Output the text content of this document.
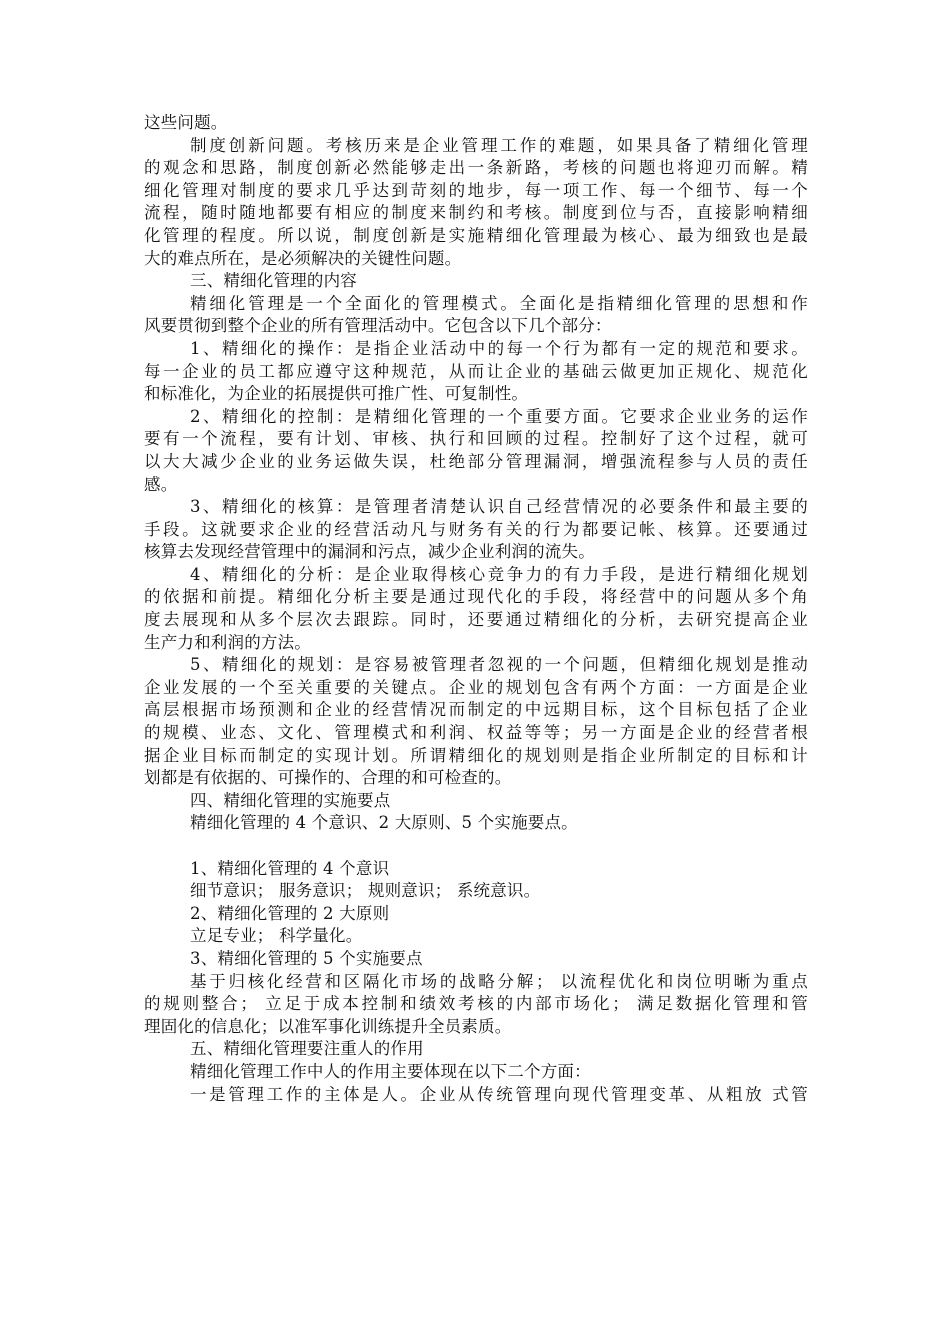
这些问题。
制度创新问题。考核历来是企业管理工作的难题，如果具备了精细化管理
的观念和思路，制度创新必然能够走出一条新路，考核的问题也将迎刃而解。精
细化管理对制度的要求几乎达到苛刻的地步，每一项工作、每一个细节、每一个
流程，随时随地都要有相应的制度来制约和考核。制度到位与否，直接影响精细
化管理的程度。所以说，制度创新是实施精细化管理最为核心、最为细致也是最
大的难点所在，是必须解决的关键性问题。
三、精细化管理的内容
精细化管理是一个全面化的管理模式。全面化是指精细化管理的思想和作
风要贯彻到整个企业的所有管理活动中。它包含以下几个部分：
1、精细化的操作：是指企业活动中的每一个行为都有一定的规范和要求。
每一企业的员工都应遵守这种规范，从而让企业的基础云做更加正规化、规范化
和标准化，为企业的拓展提供可推广性、可复制性。
2、精细化的控制：是精细化管理的一个重要方面。它要求企业业务的运作
要有一个流程，要有计划、审核、执行和回顾的过程。控制好了这个过程，就可
以大大减少企业的业务运做失误，杜绝部分管理漏洞，增强流程参与人员的责任
感。
3、精细化的核算：是管理者清楚认识自己经营情况的必要条件和最主要的
手段。这就要求企业的经营活动凡与财务有关的行为都要记帐、核算。还要通过
核算去发现经营管理中的漏洞和污点，减少企业利润的流失。
4、精细化的分析：是企业取得核心竞争力的有力手段，是进行精细化规划
的依据和前提。精细化分析主要是通过现代化的手段，将经营中的问题从多个角
度去展现和从多个层次去跟踪。同时，还要通过精细化的分析，去研究提高企业
生产力和利润的方法。
5、精细化的规划：是容易被管理者忽视的一个问题，但精细化规划是推动
企业发展的一个至关重要的关键点。企业的规划包含有两个方面：一方面是企业
高层根据市场预测和企业的经营情况而制定的中远期目标，这个目标包括了企业
的规模、业态、文化、管理模式和利润、权益等等；另一方面是企业的经营者根
据企业目标而制定的实现计划。所谓精细化的规划则是指企业所制定的目标和计
划都是有依据的、可操作的、合理的和可检查的。
四、精细化管理的实施要点
精细化管理的 4 个意识、2 大原则、5 个实施要点。
1、精细化管理的 4 个意识
细节意识； 服务意识； 规则意识； 系统意识。
2、精细化管理的 2 大原则
立足专业； 科学量化。
3、精细化管理的 5 个实施要点
基于归核化经营和区隔化市场的战略分解； 以流程优化和岗位明晰为重点
的规则整合； 立足于成本控制和绩效考核的内部市场化； 满足数据化管理和管
理固化的信息化；以准军事化训练提升全员素质。
五、精细化管理要注重人的作用
精细化管理工作中人的作用主要体现在以下二个方面：
一是管理工作的主体是人。企业从传统管理向现代管理变革、从粗放 式管
